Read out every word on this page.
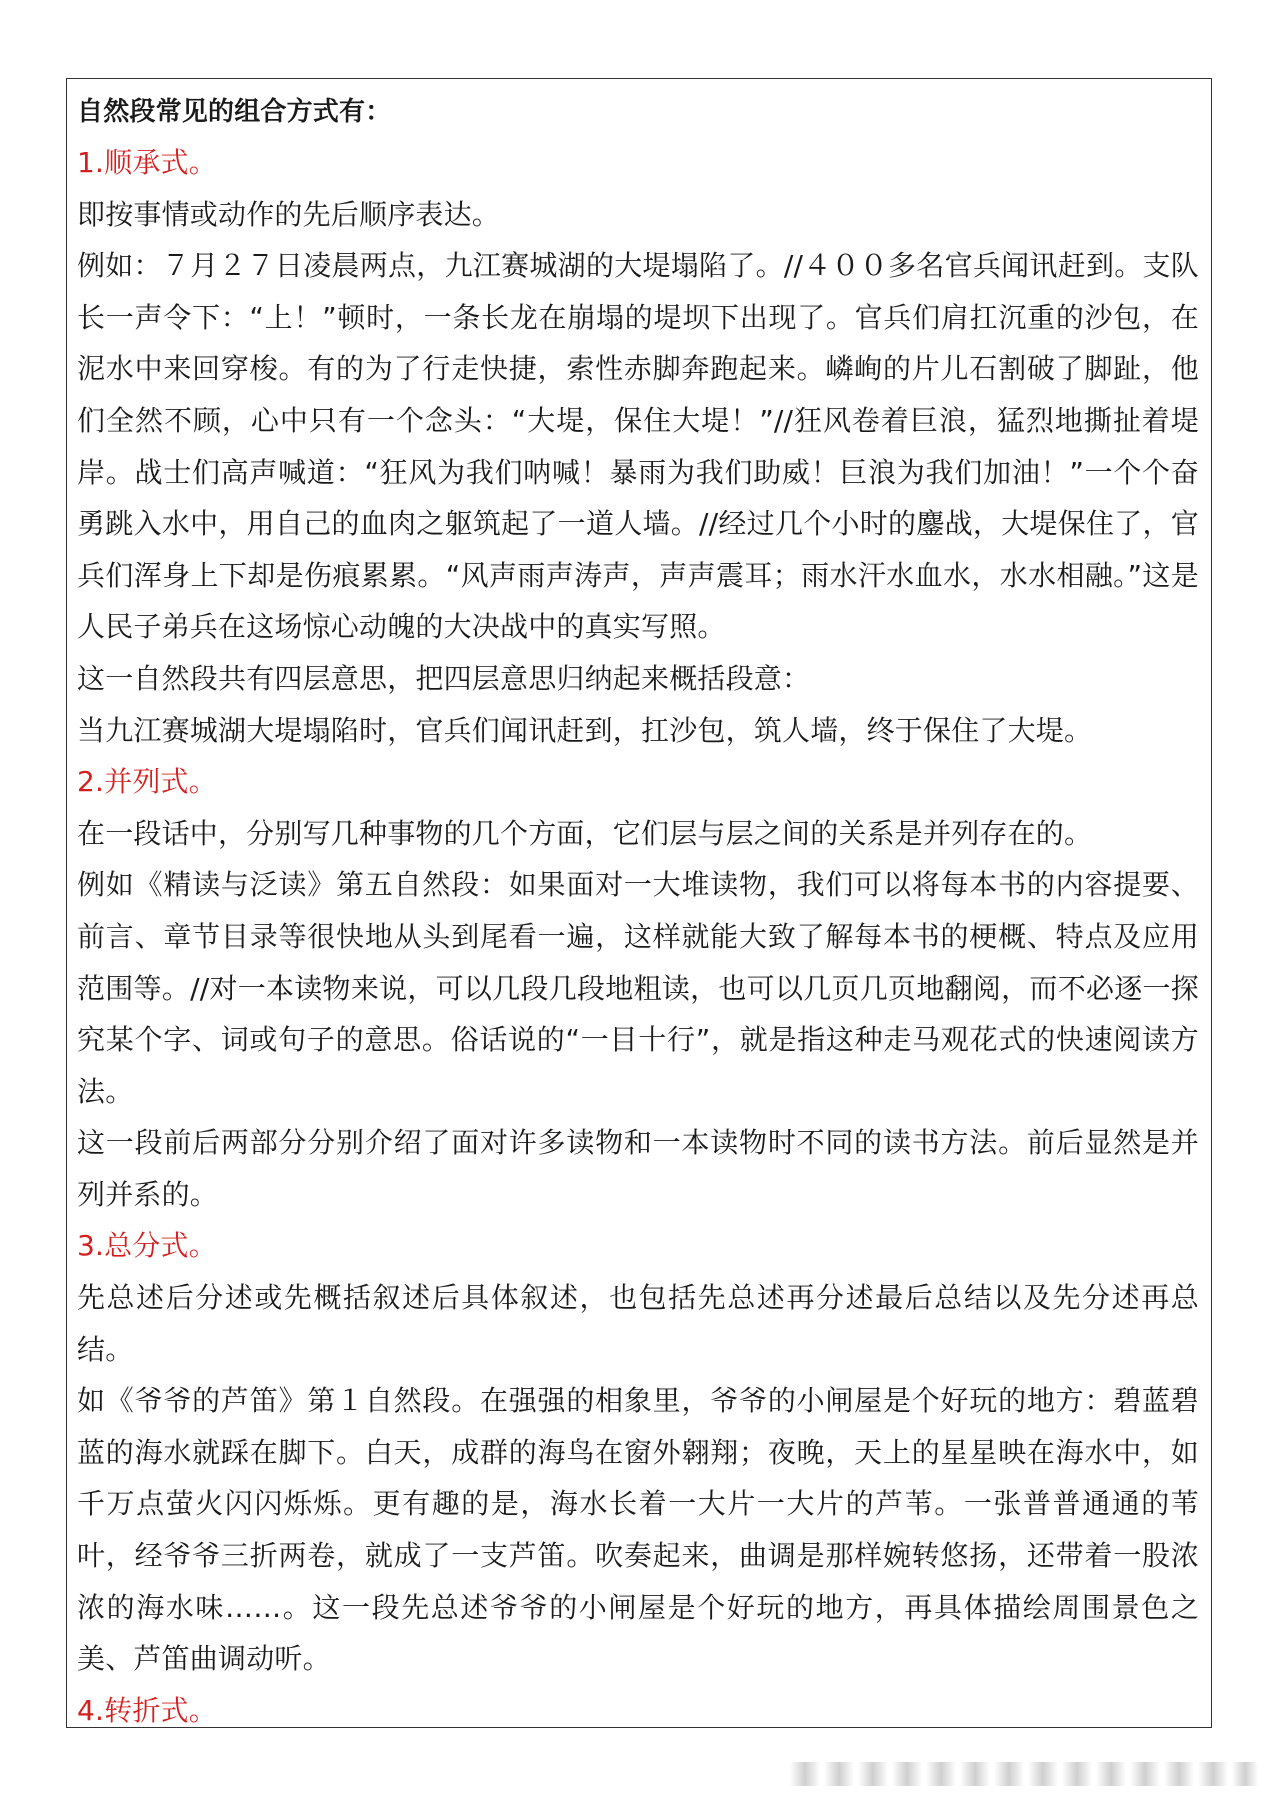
自然段常见的组合方式有：

1.顺承式。

即按事情或动作的先后顺序表达。

例如：７月２７日凌晨两点，九江赛城湖的大堤塌陷了。//４００多名官兵闻讯赶到。支队长一声令下：“上！”顿时，一条长龙在崩塌的堤坝下出现了。官兵们肩扛沉重的沙包，在泥水中来回穿梭。有的为了行走快捷，索性赤脚奔跑起来。嶙峋的片儿石割破了脚趾，他们全然不顾，心中只有一个念头：“大堤，保住大堤！”//狂风卷着巨浪，猛烈地撕扯着堤岸。战士们高声喊道：“狂风为我们呐喊！暴雨为我们助威！巨浪为我们加油！”一个个奋勇跳入水中，用自己的血肉之躯筑起了一道人墙。//经过几个小时的鏖战，大堤保住了，官兵们浑身上下却是伤痕累累。“风声雨声涛声，声声震耳；雨水汗水血水，水水相融。”这是人民子弟兵在这场惊心动魄的大决战中的真实写照。

这一自然段共有四层意思，把四层意思归纳起来概括段意：

当九江赛城湖大堤塌陷时，官兵们闻讯赶到，扛沙包，筑人墙，终于保住了大堤。

2.并列式。

在一段话中，分别写几种事物的几个方面，它们层与层之间的关系是并列存在的。

例如《精读与泛读》第五自然段：如果面对一大堆读物，我们可以将每本书的内容提要、前言、章节目录等很快地从头到尾看一遍，这样就能大致了解每本书的梗概、特点及应用范围等。//对一本读物来说，可以几段几段地粗读，也可以几页几页地翻阅，而不必逐一探究某个字、词或句子的意思。俗话说的“一目十行”，就是指这种走马观花式的快速阅读方法。

这一段前后两部分分别介绍了面对许多读物和一本读物时不同的读书方法。前后显然是并列并系的。

3.总分式。

先总述后分述或先概括叙述后具体叙述，也包括先总述再分述最后总结以及先分述再总结。

如《爷爷的芦笛》第１自然段。在强强的相象里，爷爷的小闸屋是个好玩的地方：碧蓝碧蓝的海水就踩在脚下。白天，成群的海鸟在窗外翱翔；夜晚，天上的星星映在海水中，如千万点萤火闪闪烁烁。更有趣的是，海水长着一大片一大片的芦苇。一张普普通通的苇叶，经爷爷三折两卷，就成了一支芦笛。吹奏起来，曲调是那样婉转悠扬，还带着一股浓浓的海水味……。这一段先总述爷爷的小闸屋是个好玩的地方，再具体描绘周围景色之美、芦笛曲调动听。

4.转折式。
